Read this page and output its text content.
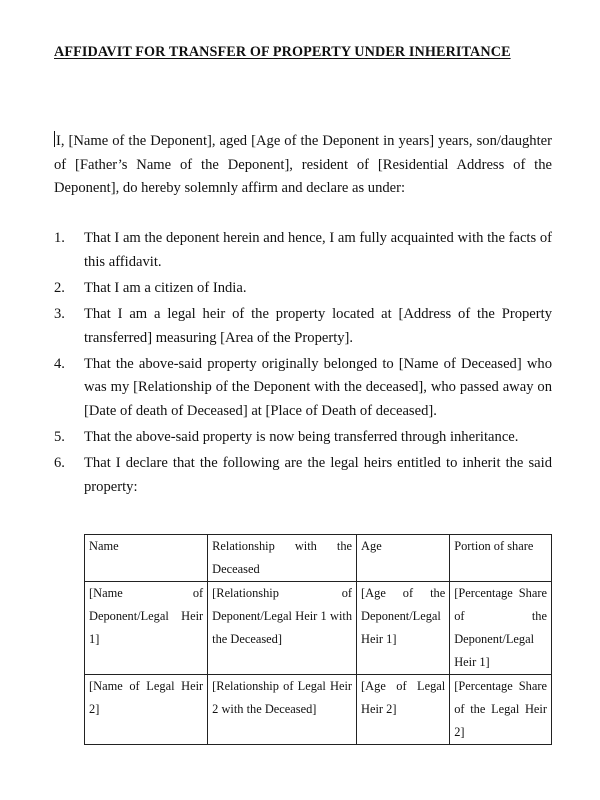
AFFIDAVIT FOR TRANSFER OF PROPERTY UNDER INHERITANCE

I, [Name of the Deponent], aged [Age of the Deponent in years] years, son/daughter of [Father’s Name of the Deponent], resident of [Residential Address of the Deponent], do hereby solemnly affirm and declare as under:

1.	That I am the deponent herein and hence, I am fully acquainted with the facts of this affidavit.
2.	That I am a citizen of India.
3.	That I am a legal heir of the property located at [Address of the Property transferred] measuring [Area of the Property].
4.	That the above-said property originally belonged to [Name of Deceased] who was my [Relationship of the Deponent with the deceased], who passed away on [Date of death of Deceased] at [Place of Death of deceased].
5.	That the above-said property is now being transferred through inheritance.
6.	That I declare that the following are the legal heirs entitled to inherit the said property:
Name	Relationship with the Deceased	Age	Portion of share
[Name of Deponent/Legal Heir 1]	[Relationship of Deponent/Legal Heir 1 with the Deceased]	[Age of the Deponent/Legal Heir 1]	[Percentage Share of the Deponent/Legal Heir 1]
[Name of Legal Heir 2]	[Relationship of Legal Heir 2 with the Deceased]	[Age of Legal Heir 2]	[Percentage Share of the Legal Heir 2]
